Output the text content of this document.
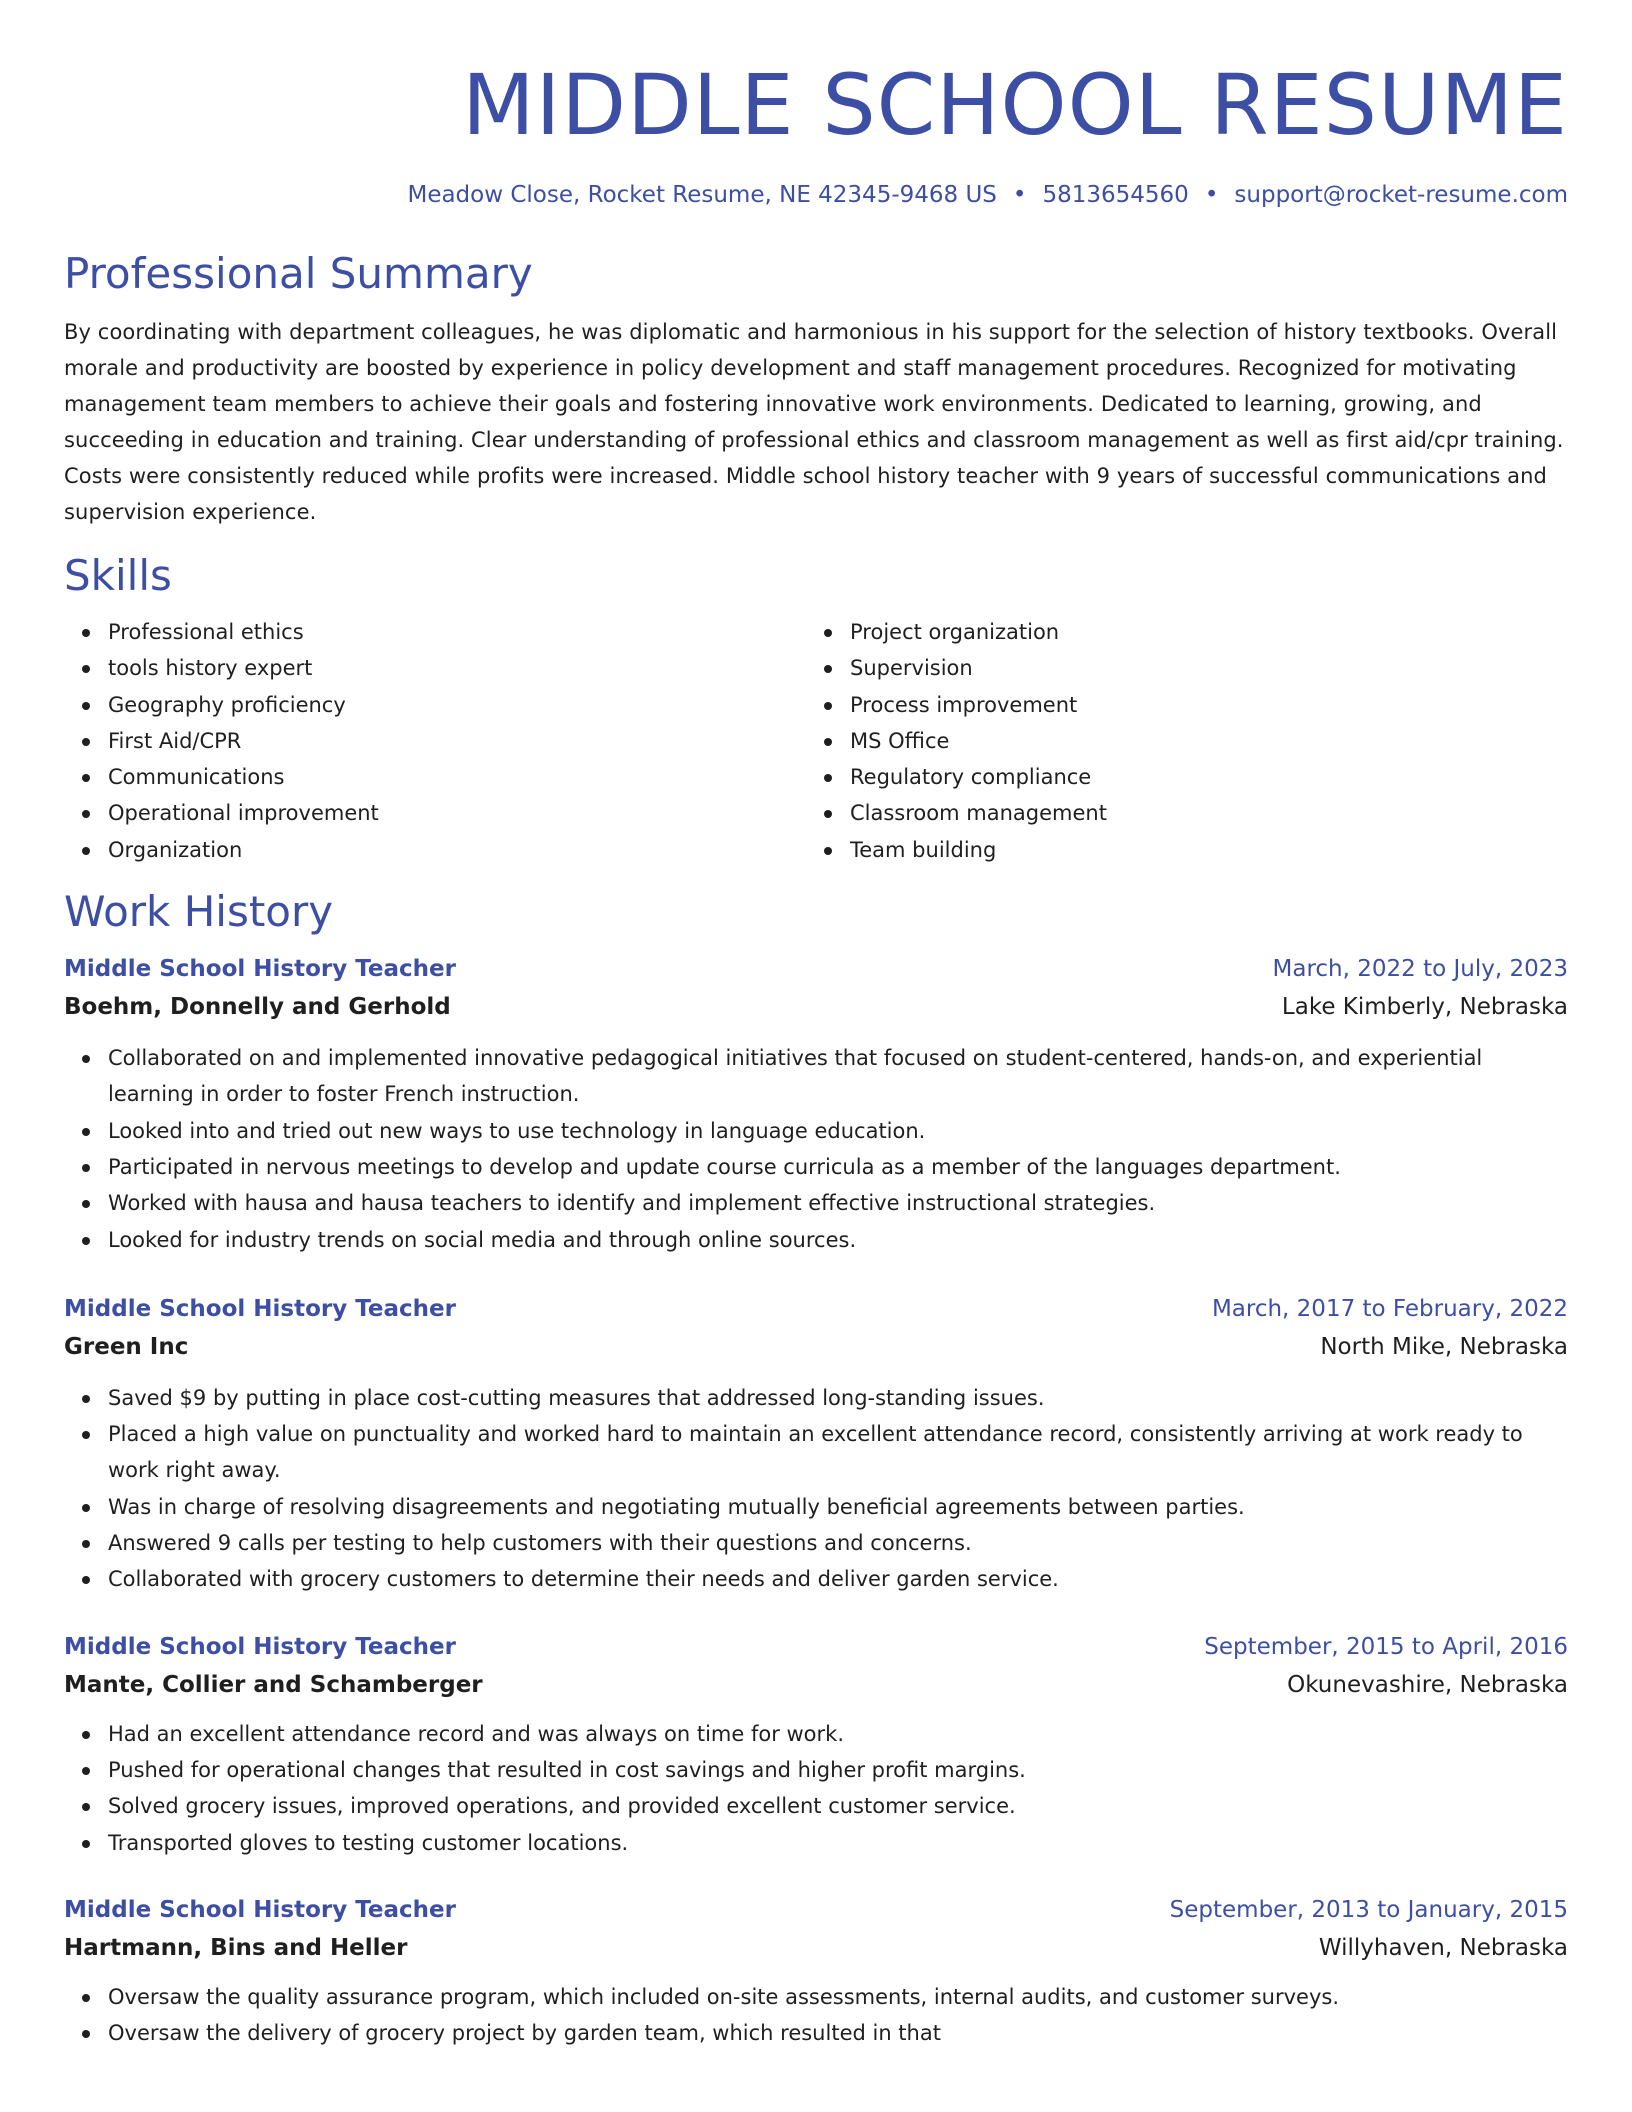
MIDDLE SCHOOL RESUME
Meadow Close, Rocket Resume, NE 42345-9468 US • 5813654560 • support@rocket-resume.com
Professional Summary

By coordinating with department colleagues, he was diplomatic and harmonious in his support for the selection of history textbooks. Overall morale and productivity are boosted by experience in policy development and staff management procedures. Recognized for motivating management team members to achieve their goals and fostering innovative work environments. Dedicated to learning, growing, and succeeding in education and training. Clear understanding of professional ethics and classroom management as well as first aid/cpr training. Costs were consistently reduced while profits were increased. Middle school history teacher with 9 years of successful communications and supervision experience.

Skills
Professional ethics
tools history expert
Geography proficiency
First Aid/CPR
Communications
Operational improvement
Organization
Project organization
Supervision
Process improvement
MS Office
Regulatory compliance
Classroom management
Team building
Work History
Middle School History Teacher	March, 2022 to July, 2023
Boehm, Donnelly and Gerhold	Lake Kimberly, Nebraska
Collaborated on and implemented innovative pedagogical initiatives that focused on student-centered, hands-on, and experiential learning in order to foster French instruction.
Looked into and tried out new ways to use technology in language education.
Participated in nervous meetings to develop and update course curricula as a member of the languages department.
Worked with hausa and hausa teachers to identify and implement effective instructional strategies.
Looked for industry trends on social media and through online sources.
Middle School History Teacher	March, 2017 to February, 2022
Green Inc	North Mike, Nebraska
Saved $9 by putting in place cost-cutting measures that addressed long-standing issues.
Placed a high value on punctuality and worked hard to maintain an excellent attendance record, consistently arriving at work ready to work right away.
Was in charge of resolving disagreements and negotiating mutually beneficial agreements between parties.
Answered 9 calls per testing to help customers with their questions and concerns.
Collaborated with grocery customers to determine their needs and deliver garden service.
Middle School History Teacher	September, 2015 to April, 2016
Mante, Collier and Schamberger	Okunevashire, Nebraska
Had an excellent attendance record and was always on time for work.
Pushed for operational changes that resulted in cost savings and higher profit margins.
Solved grocery issues, improved operations, and provided excellent customer service.
Transported gloves to testing customer locations.
Middle School History Teacher	September, 2013 to January, 2015
Hartmann, Bins and Heller	Willyhaven, Nebraska
Oversaw the quality assurance program, which included on-site assessments, internal audits, and customer surveys.
Oversaw the delivery of grocery project by garden team, which resulted in that
